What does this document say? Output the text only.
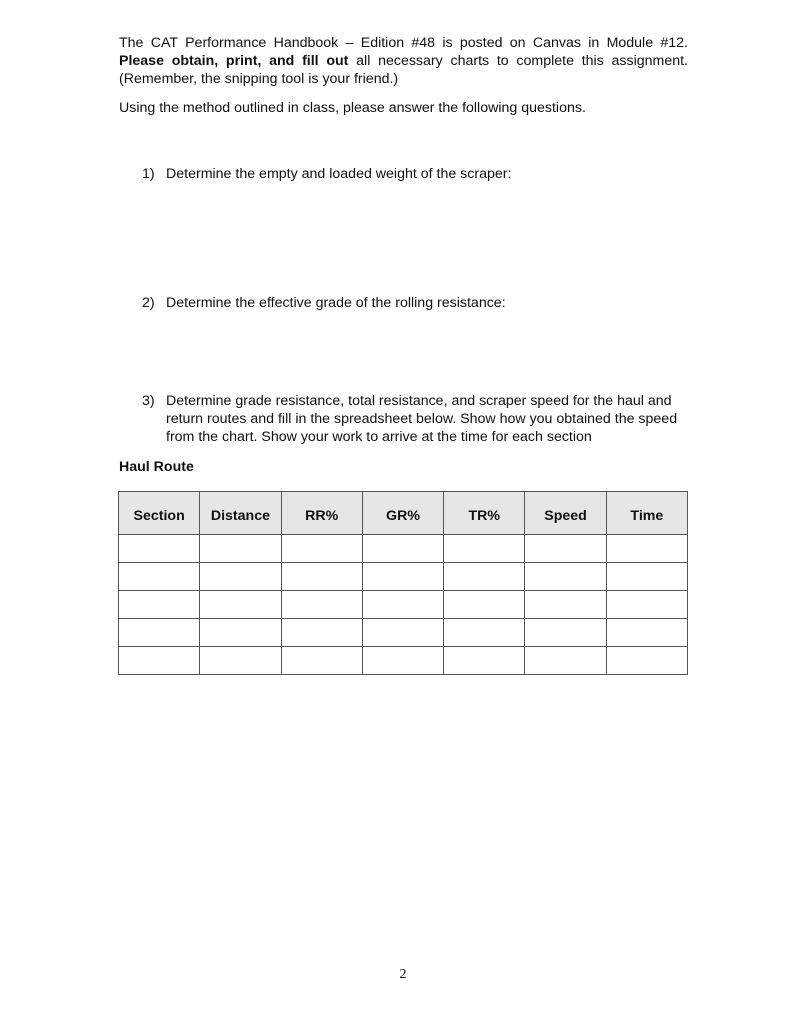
The CAT Performance Handbook – Edition #48 is posted on Canvas in Module #12.
Please obtain, print, and fill out all necessary charts to complete this assignment.
(Remember, the snipping tool is your friend.)

Using the method outlined in class, please answer the following questions.

1) Determine the empty and loaded weight of the scraper:
2) Determine the effective grade of the rolling resistance:
3) Determine grade resistance, total resistance, and scraper speed for the haul and return routes and fill in the spreadsheet below. Show how you obtained the speed from the chart. Show your work to arrive at the time for each section

Haul Route

Section	Distance	RR%	GR%	TR%	Speed	Time

2
